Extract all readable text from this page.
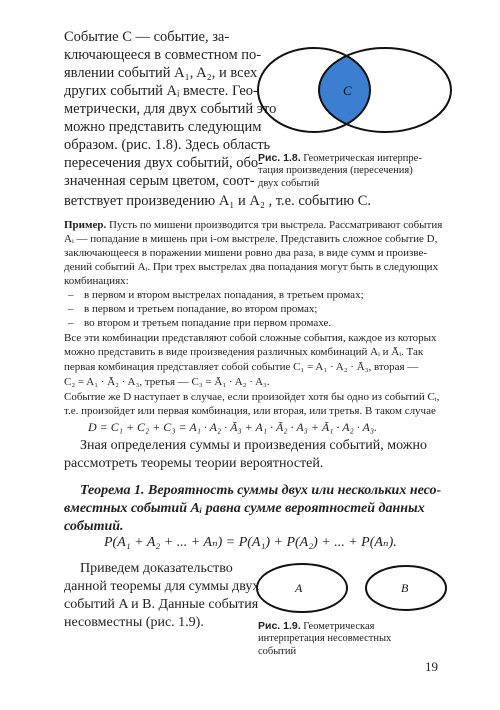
Событие C — событие, за-
ключающееся в совместном по-
явлении событий A₁, A₂, и всех
других событий Aᵢ вместе. Гео-
метрически, для двух событий это
можно представить следующим
образом. (рис. 1.8). Здесь область
пересечения двух событий, обо-
значенная серым цветом, соот-
ветствует произведению A₁ и A₂ , т.е. событию C.
C
Рис. 1.8. Геометрическая интерпре-
тация произведения (пересечения)
двух событий
Пример. Пусть по мишени производится три выстрела. Рассматривают события
Aᵢ — попадание в мишень при i-ом выстреле. Представить сложное событие D,
заключающееся в поражении мишени ровно два раза, в виде сумм и произве-
дений событий Aᵢ. При трех выстрелах два попадания могут быть в следующих
комбинациях:
– в первом и втором выстрелах попадания, в третьем промах;
– в первом и третьем попадание, во втором промах;
– во втором и третьем попадание при первом промахе.
Все эти комбинации представляют собой сложные события, каждое из которых
можно представить в виде произведения различных комбинаций Aᵢ и Āᵢ. Так
первая комбинация представляет собой событие C₁ = A₁ · A₂ · Ā₃, вторая —
C₂ = A₁ · Ā₂ · A₃, третья — C₃ = Ā₁ · A₂ · A₃.
Событие же D наступает в случае, если произойдет хотя бы одно из событий Cᵢ,
т.е. произойдет или первая комбинация, или вторая, или третья. В таком случае
D = C₁ + C₂ + C₃ = A₁ · A₂ · Ā₃ + A₁ · Ā₂ · A₃ + Ā₁ · A₂ · A₃.
Зная определения суммы и произведения событий, можно
рассмотреть теоремы теории вероятностей.
Теорема 1. Вероятность суммы двух или нескольких несо-
вместных событий Aᵢ равна сумме вероятностей данных
событий.
P(A₁ + A₂ + ... + Aₙ) = P(A₁) + P(A₂) + ... + P(Aₙ).
Приведем доказательство
данной теоремы для суммы двух
событий A и B. Данные события
несовместны (рис. 1.9).
A	B
Рис. 1.9. Геометрическая
интерпретация несовместных
событий
19
